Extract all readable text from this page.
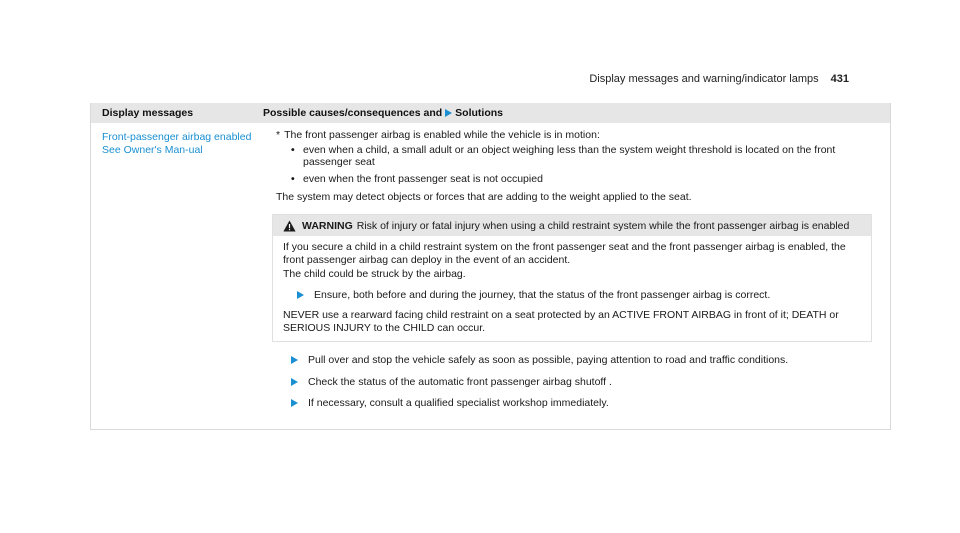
Display messages and warning/indicator lamps 431
Display messages	Possible causes/consequences and Solutions
Front-passenger airbag enabled See Owner's Man-ual
* The front passenger airbag is enabled while the vehicle is in motion:
• even when a child, a small adult or an object weighing less than the system weight threshold is located on the front passenger seat
• even when the front passenger seat is not occupied
The system may detect objects or forces that are adding to the weight applied to the seat.
WARNING Risk of injury or fatal injury when using a child restraint system while the front passenger airbag is enabled

If you secure a child in a child restraint system on the front passenger seat and the front passenger airbag is enabled, the front passenger airbag can deploy in the event of an accident.

The child could be struck by the airbag.

Ensure, both before and during the journey, that the status of the front passenger airbag is correct.

NEVER use a rearward facing child restraint on a seat protected by an ACTIVE FRONT AIRBAG in front of it; DEATH or SERIOUS INJURY to the CHILD can occur.

Pull over and stop the vehicle safely as soon as possible, paying attention to road and traffic conditions.
Check the status of the automatic front passenger airbag shutoff .
If necessary, consult a qualified specialist workshop immediately.
